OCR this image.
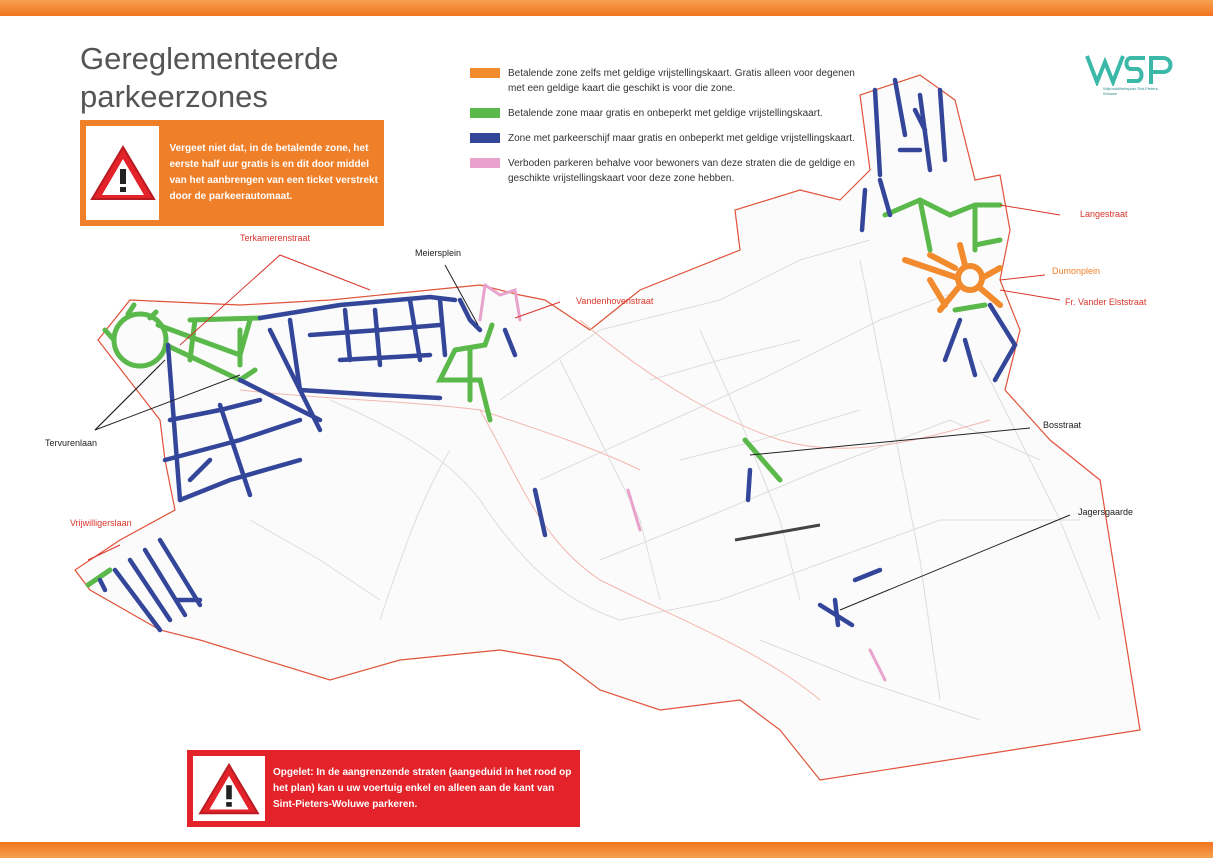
Terkamerenstraat
Meiersplein
Vandenhovenstraat
Langestraat
Dumonplein
Fr. Vander Elststraat
Tervurenlaan
Bosstraat
Vrijwilligerslaan
Jagersgaarde
Gereglementeerde
parkeerzones
Vergeet niet dat, in de betalende zone, het eerste half uur gratis is en dit door middel van het aanbrengen van een ticket verstrekt door de parkeerautomaat.
Opgelet: In de aangrenzende straten (aangeduid in het rood op het plan) kan u uw voertuig enkel en alleen aan de kant van Sint-Pieters-Woluwe parkeren.
Betalende zone zelfs met geldige vrijstellingskaart. Gratis alleen voor degenen met een geldige kaart die geschikt is voor die zone.
Betalende zone maar gratis en onbeperkt met geldige vrijstellingskaart.
Zone met parkeerschijf maar gratis en onbeperkt met geldige vrijstellingskaart.
Verboden parkeren behalve voor bewoners van deze straten die de geldige en geschikte vrijstellingskaart voor deze zone hebben.
Wijkmobiliteitsplan Sint-Pieters-Woluwe
